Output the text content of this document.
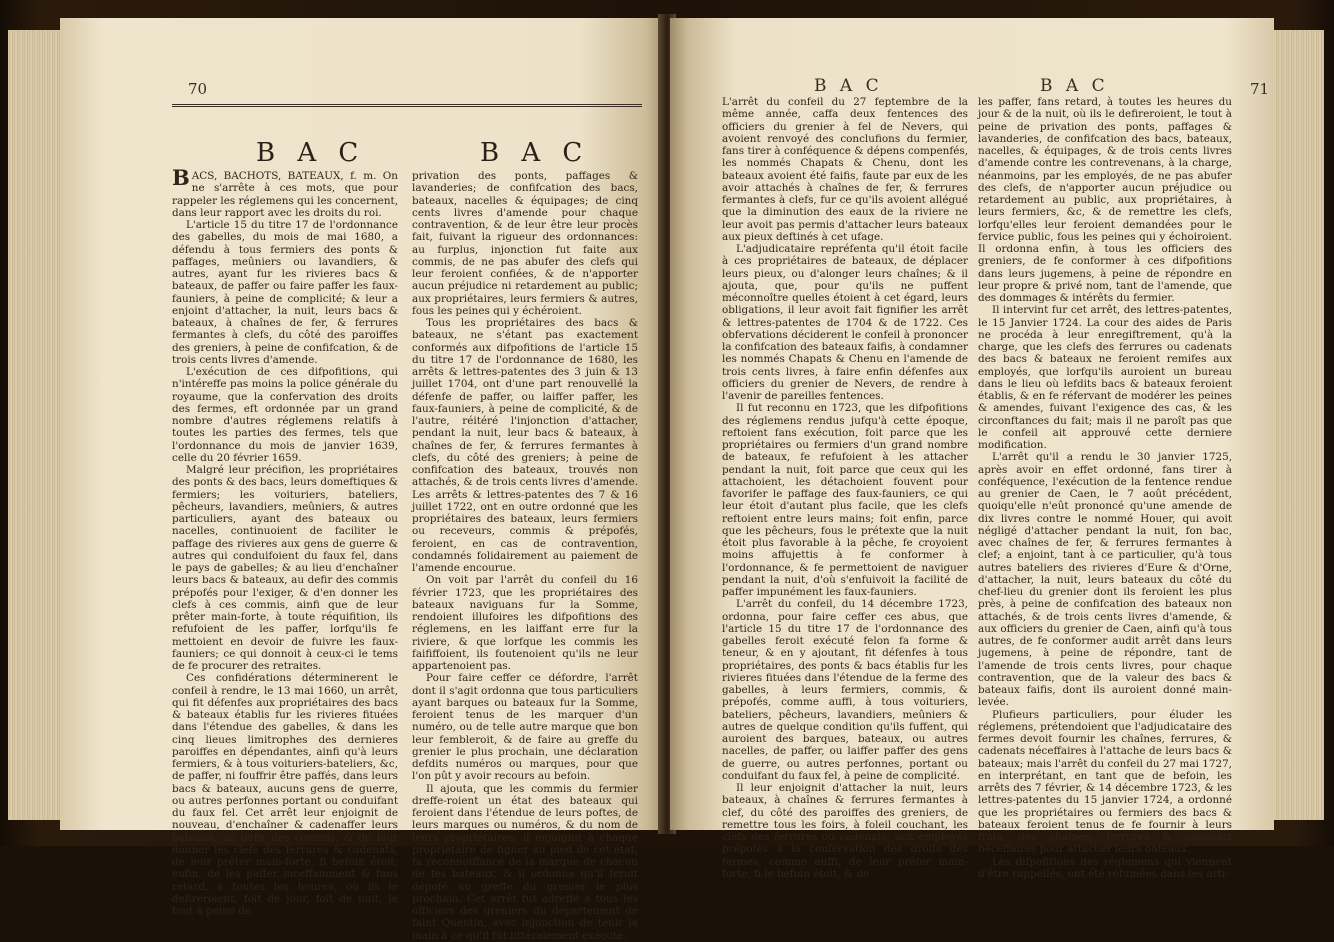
70
B A C	B A C

BACS, BACHOTS, BATEAUX, f. m. On ne s'arrête à ces mots, que pour rappeler les réglemens qui les concernent, dans leur rapport avec les droits du roi.

L'article 15 du titre 17 de l'ordonnance des gabelles, du mois de mai 1680, a défendu à tous fermiers des ponts & paffages, meûniers ou lavandiers, & autres, ayant fur les rivieres bacs & bateaux, de paffer ou faire paffer les faux-fauniers, à peine de complicité; & leur a enjoint d'attacher, la nuit, leurs bacs & bateaux, à chaînes de fer, & ferrures fermantes à clefs, du côté des paroiffes des greniers, à peine de confifcation, & de trois cents livres d'amende.

L'exécution de ces difpofitions, qui n'intéreffe pas moins la police générale du royaume, que la confervation des droits des fermes, eft ordonnée par un grand nombre d'autres réglemens relatifs à toutes les parties des fermes, tels que l'ordonnance du mois de janvier 1639, celle du 20 février 1659.

Malgré leur précifion, les propriétaires des ponts & des bacs, leurs domeftiques & fermiers; les voituriers, bateliers, pêcheurs, lavandiers, meûniers, & autres particuliers, ayant des bateaux ou nacelles, continuoient de faciliter le paffage des rivieres aux gens de guerre & autres qui conduifoient du faux fel, dans le pays de gabelles; & au lieu d'enchaîner leurs bacs & bateaux, au defir des commis prépofés pour l'exiger, & d'en donner les clefs à ces commis, ainfi que de leur prêter main-forte, à toute réquifition, ils refufoient de les paffer, lorfqu'ils fe mettoient en devoir de fuivre les faux-fauniers; ce qui donnoit à ceux-ci le tems de fe procurer des retraites.

Ces confidérations déterminerent le confeil à rendre, le 13 mai 1660, un arrêt, qui fit défenfes aux propriétaires des bacs & bateaux établis fur les rivieres fituées dans l'étendue des gabelles, & dans les cinq lieues limitrophes des dernieres paroiffes en dépendantes, ainfi qu'à leurs fermiers, & à tous voituriers-bateliers, &c, de paffer, ni fouffrir être paffés, dans leurs bacs & bateaux, aucuns gens de guerre, ou autres perfonnes portant ou conduifant du faux fel. Cet arrêt leur enjoignit de nouveau, d'enchaîner & cadenaffer leurs bateaux, au defir des commis, & de leur donner les clefs des ferrures & cadenats, de leur prêter main-forte, fi befoin étoit; enfin, de les paffer inceffamment & fans retard, à toutes les heures, où ils le defireroient, foit de jour, foit de nuit; le tout à peine de

privation des ponts, paffages & lavanderies; de confifcation des bacs, bateaux, nacelles & équipages; de cinq cents livres d'amende pour chaque contravention, & de leur être leur procès fait, fuivant la rigueur des ordonnances: au furplus, injonction fut faite aux commis, de ne pas abufer des clefs qui leur feroient confiées, & de n'apporter aucun préjudice ni retardement au public; aux propriétaires, leurs fermiers & autres, fous les peines qui y échéroient.

Tous les propriétaires des bacs & bateaux, ne s'étant pas exactement conformés aux difpofitions de l'article 15 du titre 17 de l'ordonnance de 1680, les arrêts & lettres-patentes des 3 juin & 13 juillet 1704, ont d'une part renouvellé la défenfe de paffer, ou laiffer paffer, les faux-fauniers, à peine de complicité, & de l'autre, réitéré l'injonction d'attacher, pendant la nuit, leur bacs & bateaux, à chaînes de fer, & ferrures fermantes à clefs, du côté des greniers; à peine de confifcation des bateaux, trouvés non attachés, & de trois cents livres d'amende. Les arrêts & lettres-patentes des 7 & 16 juillet 1722, ont en outre ordonné que les propriétaires des bateaux, leurs fermiers ou receveurs, commis & prépofés, feroient, en cas de contravention, condamnés folidairement au paiement de l'amende encourue.

On voit par l'arrêt du confeil du 16 février 1723, que les propriétaires des bateaux naviguans fur la Somme, rendoient illufoires les difpofitions des réglemens, en les laiffant erre fur la riviere, & que lorfque les commis les faififfoient, ils foutenoient qu'ils ne leur appartenoient pas.

Pour faire ceffer ce défordre, l'arrêt dont il s'agit ordonna que tous particuliers ayant barques ou bateaux fur la Somme, feroient tenus de les marquer d'un numéro, ou de telle autre marque que bon leur fembleroit, & de faire au greffe du grenier le plus prochain, une déclaration defdits numéros ou marques, pour que l'on pût y avoir recours au befoin.

Il ajouta, que les commis du fermier dreffe-roient un état des bateaux qui feroient dans l'étendue de leurs poftes, de leurs marques ou numéros, & du nom de leurs propriétaires; il enjoignit à chaque propriétaire de figner au pied de cet état, fa reconnoiffance de la marque de chacun de fes bateaux, & il ordonna qu'il feroit dépofé au greffe du grenier le plus prochain. Cet arrêt fut adreffé à tous les officiers des greniers du département de faint Quentin, avec injonction de tenir la main à ce qu'il fût littéralement exécuté.

B A C	B A C	71

L'arrêt du confeil du 27 feptembre de la même année, caffa deux fentences des officiers du grenier à fel de Nevers, qui avoient renvoyé des conclufions du fermier, fans tirer à conféquence & dépens compenfés, les nommés Chapats & Chenu, dont les bateaux avoient été faifis, faute par eux de les avoir attachés à chaînes de fer, & ferrures fermantes à clefs, fur ce qu'ils avoient allégué que la diminution des eaux de la riviere ne leur avoit pas permis d'attacher leurs bateaux aux pieux deftinés à cet ufage.

L'adjudicataire repréfenta qu'il étoit facile à ces propriétaires de bateaux, de déplacer leurs pieux, ou d'alonger leurs chaînes; & il ajouta, que, pour qu'ils ne puffent méconnoître quelles étoient à cet égard, leurs obligations, il leur avoit fait fignifier les arrêt & lettres-patentes de 1704 & de 1722. Ces obfervations déciderent le confeil à prononcer la confifcation des bateaux faifis, à condamner les nommés Chapats & Chenu en l'amende de trois cents livres, à faire enfin défenfes aux officiers du grenier de Nevers, de rendre à l'avenir de pareilles fentences.

Il fut reconnu en 1723, que les difpofitions des réglemens rendus jufqu'à cette époque, reftoient fans exécution, foit parce que les propriétaires ou fermiers d'un grand nombre de bateaux, fe refufoient à les attacher pendant la nuit, foit parce que ceux qui les attachoient, les détachoient fouvent pour favorifer le paffage des faux-fauniers, ce qui leur étoit d'autant plus facile, que les clefs reftoient entre leurs mains; foit enfin, parce que les pêcheurs, fous le prétexte que la nuit étoit plus favorable à la pêche, fe croyoient moins affujettis à fe conformer à l'ordonnance, & fe permettoient de naviguer pendant la nuit, d'où s'enfuivoit la facilité de paffer impunément les faux-fauniers.

L'arrêt du confeil, du 14 décembre 1723, ordonna, pour faire ceffer ces abus, que l'article 15 du titre 17 de l'ordonnance des gabelles feroit exécuté felon fa forme & teneur, & en y ajoutant, fit défenfes à tous propriétaires, des ponts & bacs établis fur les rivieres fituées dans l'étendue de la ferme des gabelles, à leurs fermiers, commis, & prépofés, comme auffi, à tous voituriers, bateliers, pêcheurs, lavandiers, meûniers & autres de quelque condition qu'ils fuffent, qui auroient des barques, bateaux, ou autres nacelles, de paffer, ou laiffer paffer des gens de guerre, ou autres perfonnes, portant ou conduifant du faux fel, à peine de complicité.

Il leur enjoignit d'attacher la nuit, leurs bateaux, à chaînes & ferrures fermantes à clef, du côté des paroiffes des greniers, de remettre tous les foirs, à foleil couchant, les clefs des ferrures ou cadenats, aux employés prépofés à la confervation des droits des fermes, comme auffi, de leur prêter main-forte, fi le befoin étoit, & de

les paffer, fans retard, à toutes les heures du jour & de la nuit, où ils le defireroient, le tout à peine de privation des ponts, paffages & lavanderies, de confifcation des bacs, bateaux, nacelles, & équipages, & de trois cents livres d'amende contre les contrevenans, à la charge, néanmoins, par les employés, de ne pas abufer des clefs, de n'apporter aucun préjudice ou retardement au public, aux propriétaires, à leurs fermiers, &c, & de remettre les clefs, lorfqu'elles leur feroient demandées pour le fervice public, fous les peines qui y échoiroient. Il ordonna enfin, à tous les officiers des greniers, de fe conformer à ces difpofitions dans leurs jugemens, à peine de répondre en leur propre & privé nom, tant de l'amende, que des dommages & intérêts du fermier.

Il intervint fur cet arrêt, des lettres-patentes, le 15 Janvier 1724. La cour des aides de Paris ne procéda à leur enregiftrement, qu'à la charge, que les clefs des ferrures ou cadenats des bacs & bateaux ne feroient remifes aux employés, que lorfqu'ils auroient un bureau dans le lieu où lefdits bacs & bateaux feroient établis, & en fe réfervant de modérer les peines & amendes, fuivant l'exigence des cas, & les circonftances du fait; mais il ne paroît pas que le confeil ait approuvé cette derniere modification.

L'arrêt qu'il a rendu le 30 janvier 1725, après avoir en effet ordonné, fans tirer à conféquence, l'exécution de la fentence rendue au grenier de Caen, le 7 août précédent, quoiqu'elle n'eût prononcé qu'une amende de dix livres contre le nommé Houer, qui avoit négligé d'attacher pendant la nuit, fon bac, avec chaînes de fer, & ferrures fermantes à clef; a enjoint, tant à ce particulier, qu'à tous autres bateliers des rivieres d'Eure & d'Orne, d'attacher, la nuit, leurs bateaux du côté du chef-lieu du grenier dont ils feroient les plus près, à peine de confifcation des bateaux non attachés, & de trois cents livres d'amende, & aux officiers du grenier de Caen, ainfi qu'à tous autres, de fe conformer audit arrêt dans leurs jugemens, à peine de répondre, tant de l'amende de trois cents livres, pour chaque contravention, que de la valeur des bacs & bateaux faifis, dont ils auroient donné main-levée.

Plufieurs particuliers, pour éluder les réglemens, prétendoient que l'adjudicataire des fermes devoit fournir les chaînes, ferrures, & cadenats néceffaires à l'attache de leurs bacs & bateaux; mais l'arrêt du confeil du 27 mai 1727, en interprétant, en tant que de befoin, les arrêts des 7 février, & 14 décembre 1723, & les lettres-patentes du 15 janvier 1724, a ordonné que les propriétaires ou fermiers des bacs & bateaux feroient tenus de fe fournir à leurs frais, des chaînes, ferrures & cadenats néceffaires pour attacher leurs bateaux.

Les difpofitions des réglemens qui viennent d'être rappellés, ont été réfumées dans les arti-
